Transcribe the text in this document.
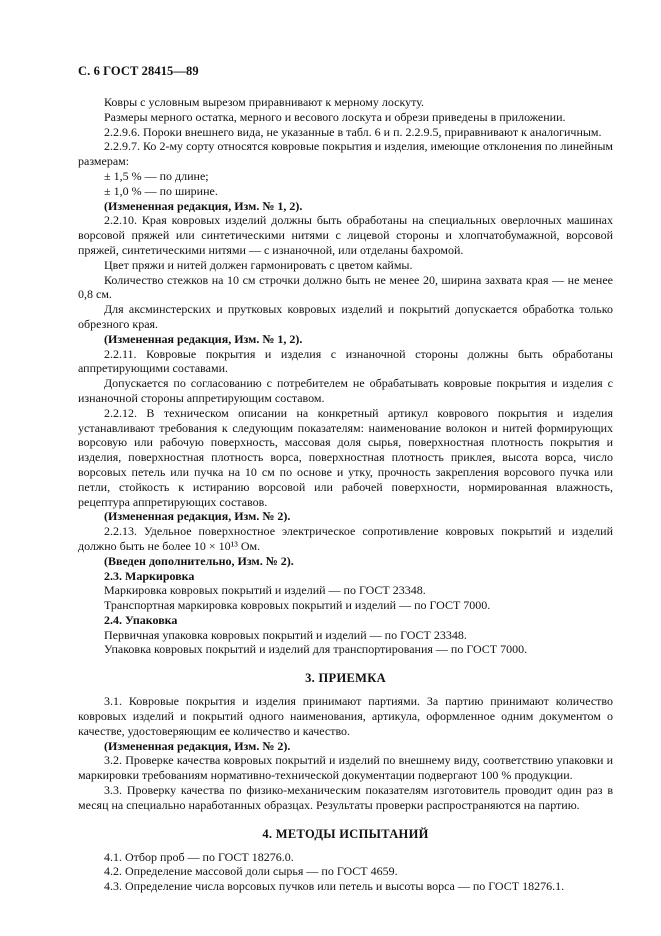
С. 6 ГОСТ 28415—89

Ковры с условным вырезом приравнивают к мерному лоскуту.

Размеры мерного остатка, мерного и весового лоскута и обрези приведены в приложении.

2.2.9.6. Пороки внешнего вида, не указанные в табл. 6 и п. 2.2.9.5, приравнивают к аналогичным.

2.2.9.7. Ко 2-му сорту относятся ковровые покрытия и изделия, имеющие отклонения по линейным размерам:

± 1,5 % — по длине;

± 1,0 % — по ширине.

(Измененная редакция, Изм. № 1, 2).

2.2.10. Края ковровых изделий должны быть обработаны на специальных оверлочных машинах ворсовой пряжей или синтетическими нитями с лицевой стороны и хлопчатобумажной, ворсовой пряжей, синтетическими нитями — с изнаночной, или отделаны бахромой.

Цвет пряжи и нитей должен гармонировать с цветом каймы.

Количество стежков на 10 см строчки должно быть не менее 20, ширина захвата края — не менее 0,8 см.

Для аксминстерских и прутковых ковровых изделий и покрытий допускается обработка только обрезного края.

(Измененная редакция, Изм. № 1, 2).

2.2.11. Ковровые покрытия и изделия с изнаночной стороны должны быть обработаны аппретирующими составами.

Допускается по согласованию с потребителем не обрабатывать ковровые покрытия и изделия с изнаночной стороны аппретирующим составом.

2.2.12. В техническом описании на конкретный артикул коврового покрытия и изделия устанавливают требования к следующим показателям: наименование волокон и нитей формирующих ворсовую или рабочую поверхность, массовая доля сырья, поверхностная плотность покрытия и изделия, поверхностная плотность ворса, поверхностная плотность приклея, высота ворса, число ворсовых петель или пучка на 10 см по основе и утку, прочность закрепления ворсового пучка или петли, стойкость к истиранию ворсовой или рабочей поверхности, нормированная влажность, рецептура аппретирующих составов.

(Измененная редакция, Изм. № 2).

2.2.13. Удельное поверхностное электрическое сопротивление ковровых покрытий и изделий должно быть не более 10 × 10¹³ Ом.

(Введен дополнительно, Изм. № 2).

2.3. Маркировка

Маркировка ковровых покрытий и изделий — по ГОСТ 23348.

Транспортная маркировка ковровых покрытий и изделий — по ГОСТ 7000.

2.4. Упаковка

Первичная упаковка ковровых покрытий и изделий — по ГОСТ 23348.

Упаковка ковровых покрытий и изделий для транспортирования — по ГОСТ 7000.

3. ПРИЕМКА

3.1. Ковровые покрытия и изделия принимают партиями. За партию принимают количество ковровых изделий и покрытий одного наименования, артикула, оформленное одним документом о качестве, удостоверяющим ее количество и качество.

(Измененная редакция, Изм. № 2).

3.2. Проверке качества ковровых покрытий и изделий по внешнему виду, соответствию упаковки и маркировки требованиям нормативно-технической документации подвергают 100 % продукции.

3.3. Проверку качества по физико-механическим показателям изготовитель проводит один раз в месяц на специально наработанных образцах. Результаты проверки распространяются на партию.

4. МЕТОДЫ ИСПЫТАНИЙ

4.1. Отбор проб — по ГОСТ 18276.0.

4.2. Определение массовой доли сырья — по ГОСТ 4659.

4.3. Определение числа ворсовых пучков или петель и высоты ворса — по ГОСТ 18276.1.
